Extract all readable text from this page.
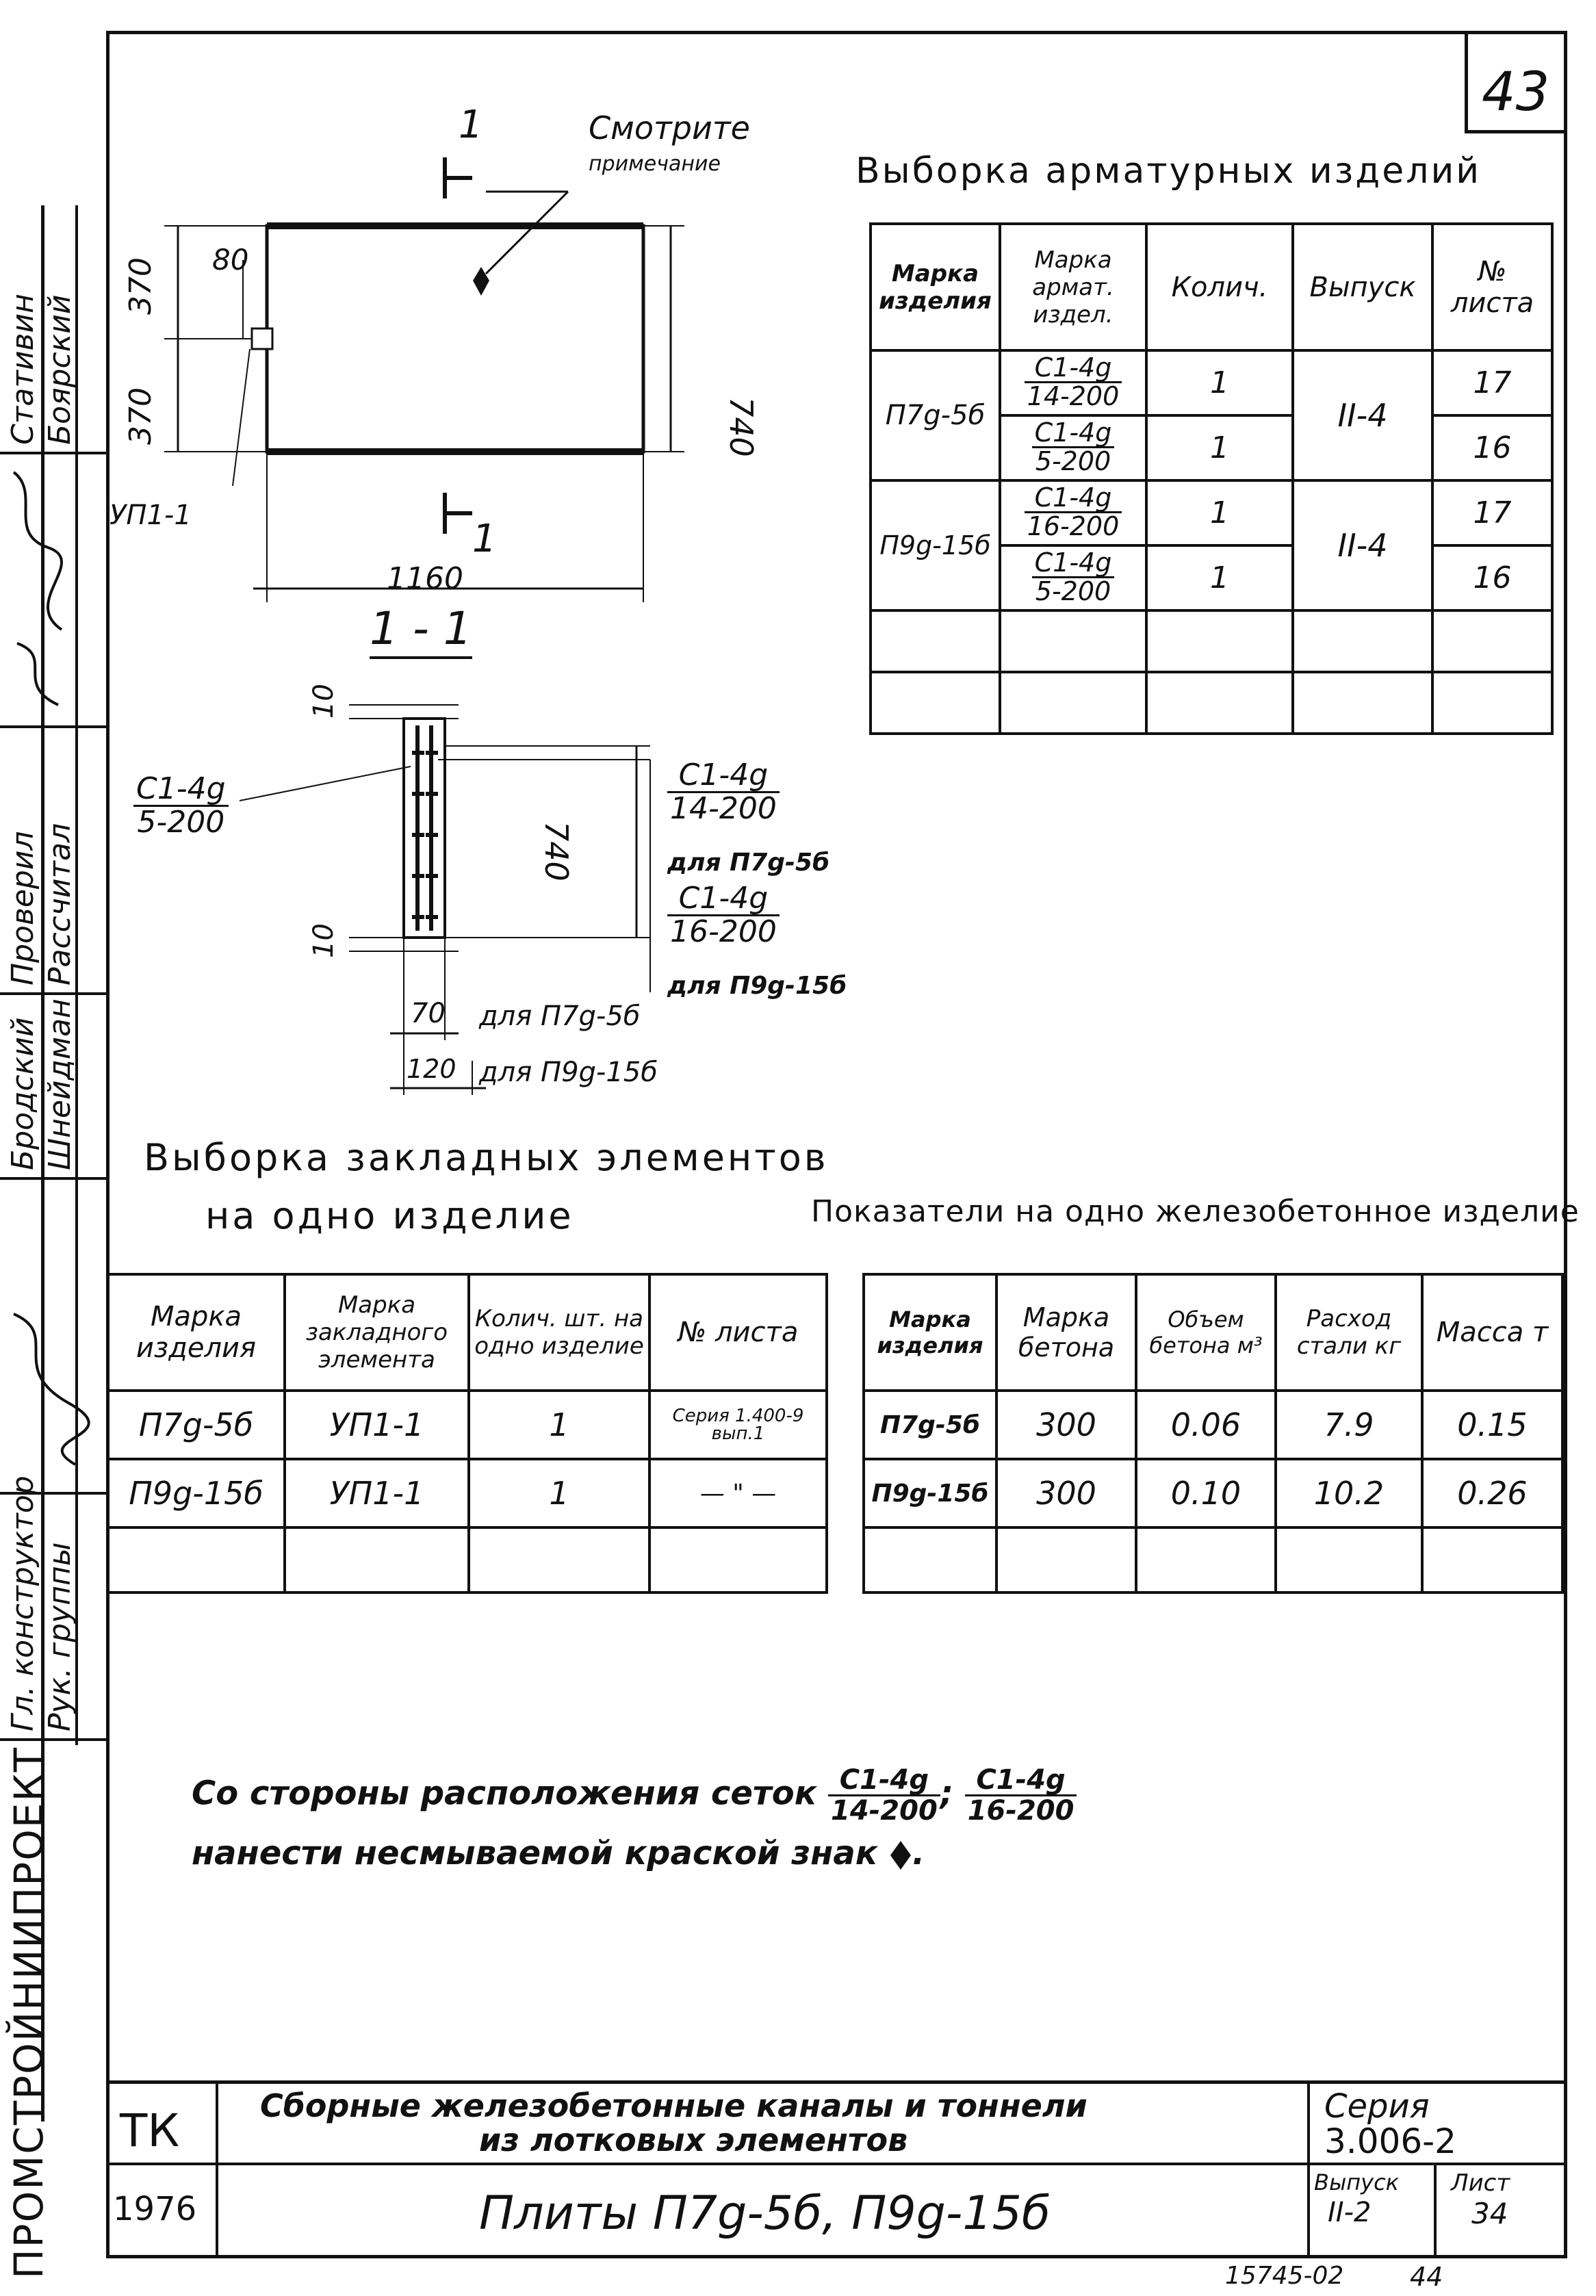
43
ПРОМСТРОЙНИИПРОЕКТ
Гл. конструктор Рук. группы
Бродский Шнейдман
Проверил Рассчитал
Стативин Боярский
Смотрите
примечание
1
1
370
370
80
740
1160
УП1-1
1 - 1
10
10
740
$\frac{С1-4g}{5-200}$	$\frac{С1-4g}{14-200}$
для П7g-5б
$\frac{С1-4g}{16-200}$
для П9g-15б
70 для П7g-5б
120 для П9g-15б
Выборка арматурных изделий
Марка изделия	Марка армат. издел.	Колич.	Выпуск	№ листа
П7g-5б	$\frac{С1-4g}{14-200}$	1	II-4	17

	$\frac{С1-4g}{5-200}$	1		16
П9g-15б	$\frac{С1-4g}{16-200}$	1	II-4	17

	$\frac{С1-4g}{5-200}$	1		16

Выборка закладных элементов
на одно изделие
Марка изделия	Марка закладного элемента	Колич. шт. на одно изделие	№ листа
П7g-5б	УП1-1	1	Серия 1.400-9 вып.1
П9g-15б	УП1-1	1	— " —

Показатели на одно железобетонное изделие
Марка изделия	Марка бетона	Объем бетона м³	Расход стали кг	Масса т
П7g-5б	300	0.06	7.9	0.15
П9g-15б	300	0.10	10.2	0.26

Со стороны расположения сеток $\frac{С1-4g}{14-200}$ ; $\frac{С1-4g}{16-200}$
нанести несмываемой краской знак .
ТК
1976
Сборные железобетонные каналы и тоннели
из лотковых элементов
Плиты П7g-5б, П9g-15б
Серия
3.006-2
Выпуск
II-2
Лист
34
15745-02	44
